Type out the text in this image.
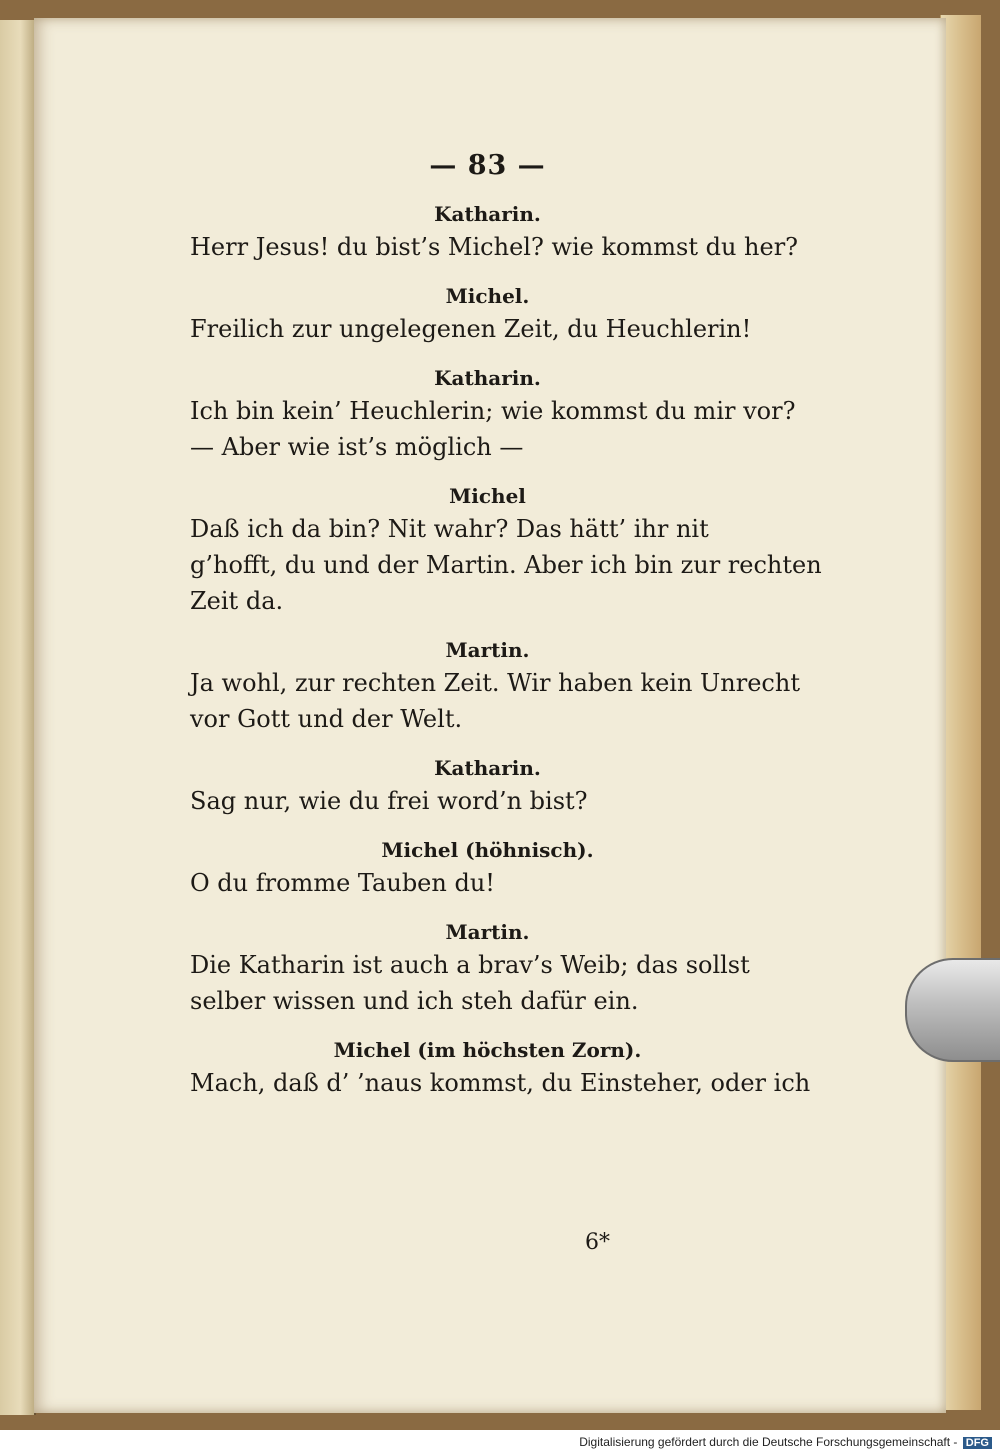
— 83 —

Katharin.

Herr Jesus! du bist’s Michel? wie kommst du her?

Michel.

Freilich zur ungelegenen Zeit, du Heuchlerin!

Katharin.

Ich bin kein’ Heuchlerin; wie kommst du mir vor?

— Aber wie ist’s möglich —

Michel

Daß ich da bin? Nit wahr? Das hätt’ ihr nit

g’hofft, du und der Martin. Aber ich bin zur rechten

Zeit da.

Martin.

Ja wohl, zur rechten Zeit. Wir haben kein Unrecht

vor Gott und der Welt.

Katharin.

Sag nur, wie du frei word’n bist?

Michel (höhnisch).

O du fromme Tauben du!

Martin.

Die Katharin ist auch a brav’s Weib; das sollst

selber wissen und ich steh dafür ein.

Michel (im höchsten Zorn).

Mach, daß d’ ’naus kommst, du Einsteher, oder ich

6*
Digitalisierung gefördert durch die Deutsche Forschungsgemeinschaft - DFG
